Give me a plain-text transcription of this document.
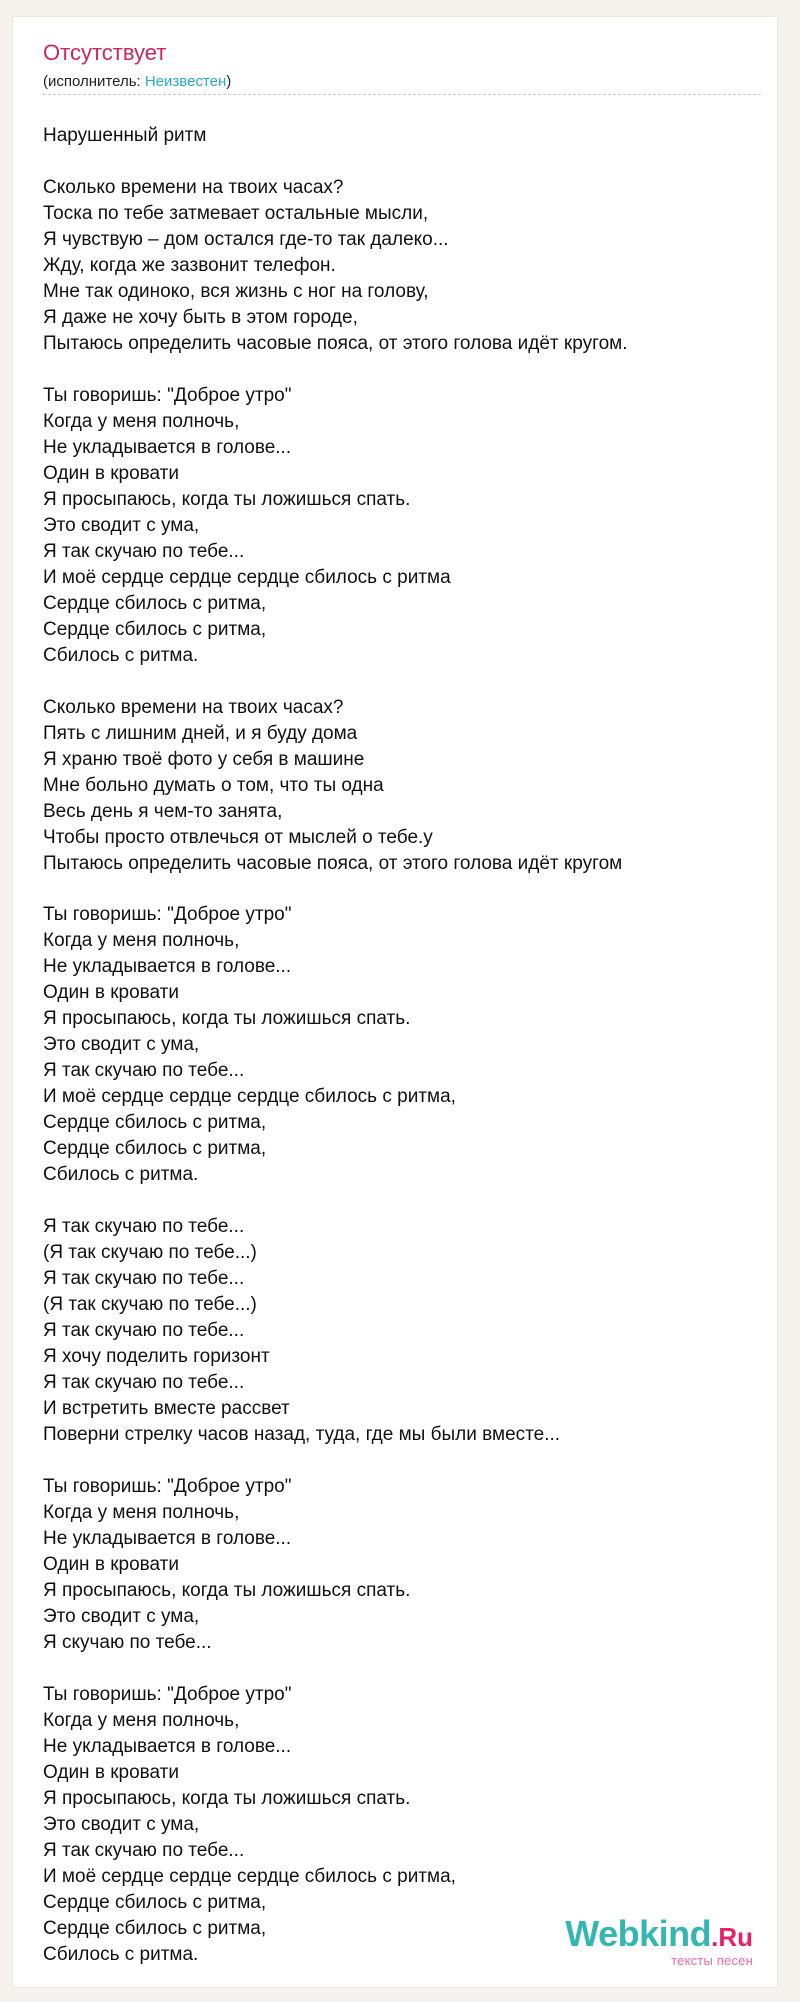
Отсутствует
(исполнитель: Неизвестен)
Нарушенный ритм
Сколько времени на твоих часах?
Тоска по тебе затмевает остальные мысли,
Я чувствую – дом остался где-то так далеко...
Жду, когда же зазвонит телефон.
Мне так одиноко, вся жизнь с ног на голову,
Я даже не хочу быть в этом городе,
Пытаюсь определить часовые пояса, от этого голова идёт кругом.
Ты говоришь: "Доброе утро"
Когда у меня полночь,
Не укладывается в голове...
Один в кровати
Я просыпаюсь, когда ты ложишься спать.
Это сводит с ума,
Я так скучаю по тебе...
И моё сердце сердце сердце сбилось с ритма
Сердце сбилось с ритма,
Сердце сбилось с ритма,
Сбилось с ритма.
Сколько времени на твоих часах?
Пять с лишним дней, и я буду дома
Я храню твоё фото у себя в машине
Мне больно думать о том, что ты одна
Весь день я чем-то занята,
Чтобы просто отвлечься от мыслей о тебе.у
Пытаюсь определить часовые пояса, от этого голова идёт кругом
Ты говоришь: "Доброе утро"
Когда у меня полночь,
Не укладывается в голове...
Один в кровати
Я просыпаюсь, когда ты ложишься спать.
Это сводит с ума,
Я так скучаю по тебе...
И моё сердце сердце сердце сбилось с ритма,
Сердце сбилось с ритма,
Сердце сбилось с ритма,
Сбилось с ритма.
Я так скучаю по тебе...
(Я так скучаю по тебе...)
Я так скучаю по тебе...
(Я так скучаю по тебе...)
Я так скучаю по тебе...
Я хочу поделить горизонт
Я так скучаю по тебе...
И встретить вместе рассвет
Поверни стрелку часов назад, туда, где мы были вместе...
Ты говоришь: "Доброе утро"
Когда у меня полночь,
Не укладывается в голове...
Один в кровати
Я просыпаюсь, когда ты ложишься спать.
Это сводит с ума,
Я скучаю по тебе...
Ты говоришь: "Доброе утро"
Когда у меня полночь,
Не укладывается в голове...
Один в кровати
Я просыпаюсь, когда ты ложишься спать.
Это сводит с ума,
Я так скучаю по тебе...
И моё сердце сердце сердце сбилось с ритма,
Сердце сбилось с ритма,
Сердце сбилось с ритма,
Сбилось с ритма.
Webkind.Ru
тексты песен
